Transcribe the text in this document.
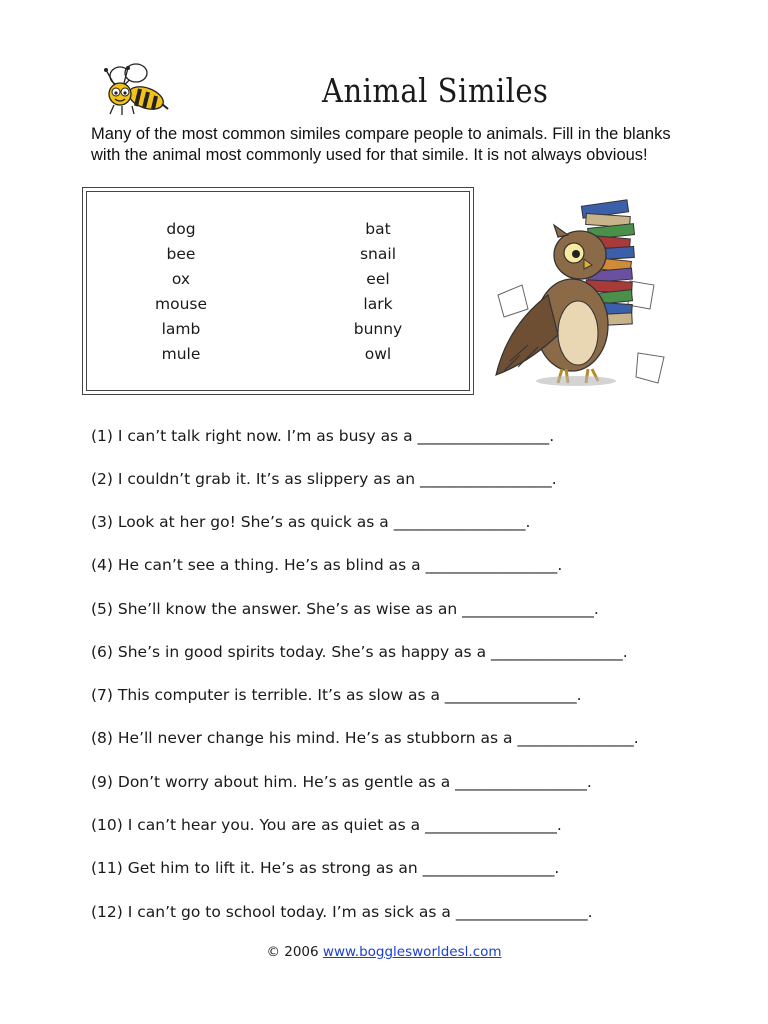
Animal Similes
Many of the most common similes compare people to animals. Fill in the blanks with the animal most commonly used for that simile. It is not always obvious!
dog
bee
ox
mouse
lamb
mule
bat
snail
eel
lark
bunny
owl
(1) I can’t talk right now. I’m as busy as a _________________.
(2) I couldn’t grab it. It’s as slippery as an _________________.
(3) Look at her go! She’s as quick as a _________________.
(4) He can’t see a thing. He’s as blind as a _________________.
(5) She’ll know the answer. She’s as wise as an _________________.
(6) She’s in good spirits today. She’s as happy as a _________________.
(7) This computer is terrible. It’s as slow as a _________________.
(8) He’ll never change his mind. He’s as stubborn as a _______________.
(9) Don’t worry about him. He’s as gentle as a _________________.
(10) I can’t hear you. You are as quiet as a _________________.
(11) Get him to lift it. He’s as strong as an _________________.
(12) I can’t go to school today. I’m as sick as a _________________.
© 2006 www.bogglesworldesl.com
